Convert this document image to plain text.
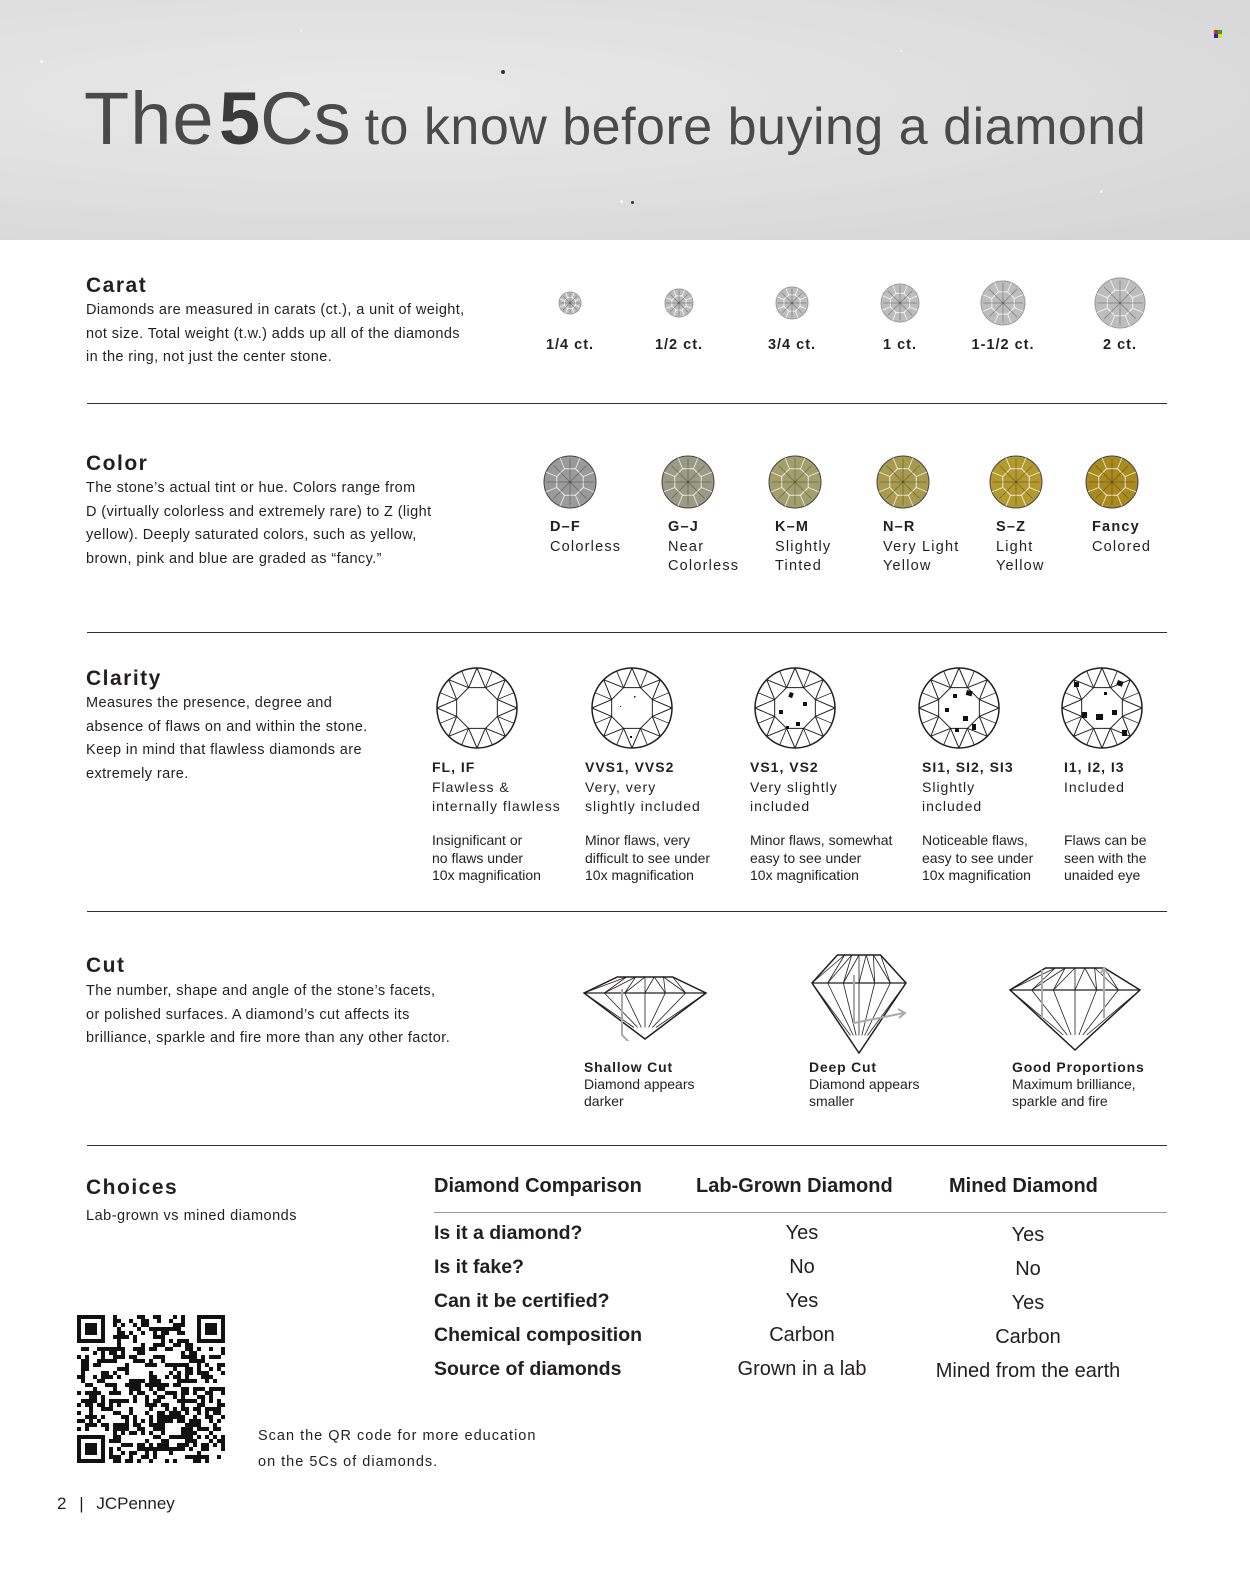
The 5Cs to know before buying a diamond
Carat
Diamonds are measured in carats (ct.), a unit of weight,
not size. Total weight (t.w.) adds up all of the diamonds
in the ring, not just the center stone.
1/4 ct.	1/2 ct.	3/4 ct.	1 ct.	1-1/2 ct.	2 ct.
Color
The stone’s actual tint or hue. Colors range from
D (virtually colorless and extremely rare) to Z (light
yellow). Deeply saturated colors, such as yellow,
brown, pink and blue are graded as “fancy.”
D–F
Colorless
G–J
Near
Colorless
K–M
Slightly
Tinted
N–R
Very Light
Yellow
S–Z
Light
Yellow
Fancy
Colored
Clarity
Measures the presence, degree and
absence of flaws on and within the stone.
Keep in mind that flawless diamonds are
extremely rare.	FL, IF
Flawless &
internally flawless
Insignificant or
no flaws under
10x magnification
VVS1, VVS2
Very, very
slightly included
Minor flaws, very
difficult to see under
10x magnification
VS1, VS2
Very slightly
included
Minor flaws, somewhat
easy to see under
10x magnification
SI1, SI2, SI3
Slightly
included
Noticeable flaws,
easy to see under
10x magnification
I1, I2, I3
Included
Flaws can be
seen with the
unaided eye
Cut
The number, shape and angle of the stone’s facets,
or polished surfaces. A diamond’s cut affects its
brilliance, sparkle and fire more than any other factor.
Shallow Cut
Diamond appears
darker
Deep Cut
Diamond appears
smaller
Good Proportions
Maximum brilliance,
sparkle and fire
Choices
Lab-grown vs mined diamonds
Diamond Comparison	Lab-Grown Diamond	Mined Diamond
Is it a diamond?	Yes	Yes
Is it fake?	No	No
Can it be certified?	Yes	Yes
Chemical composition	Carbon	Carbon
Source of diamonds	Grown in a lab	Mined from the earth
Scan the QR code for more education
on the 5Cs of diamonds.
2 | JCPenney
